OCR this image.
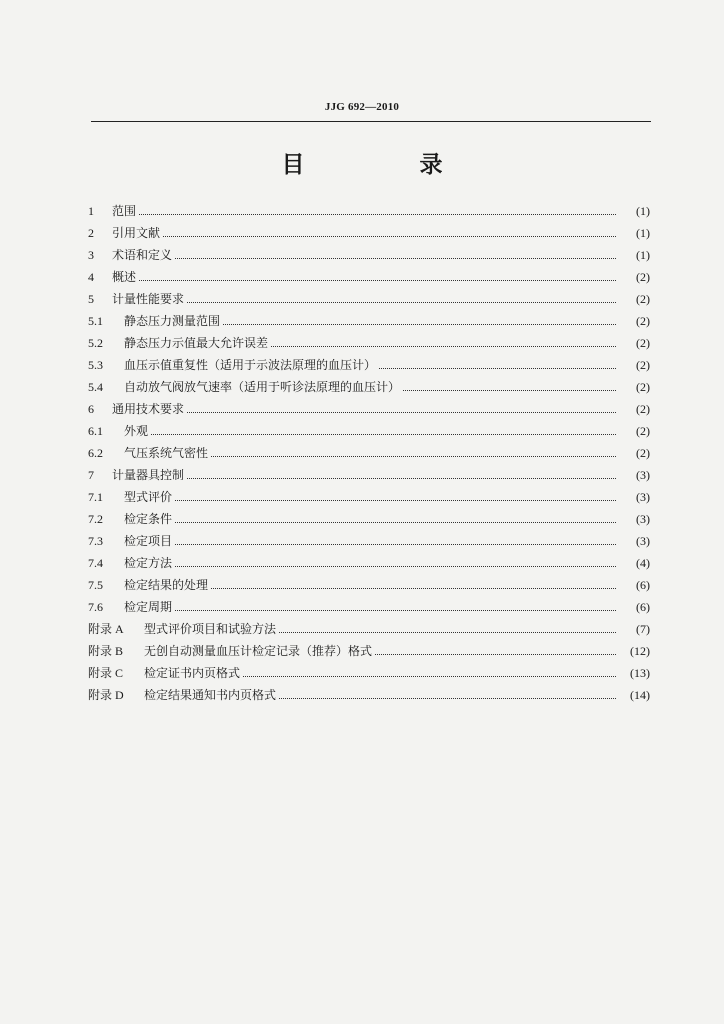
JJG 692—2010
目　录
1	范围	(1)
2	引用文献	(1)
3	术语和定义	(1)
4	概述	(2)
5	计量性能要求	(2)
5.1	静态压力测量范围	(2)
5.2	静态压力示值最大允许误差	(2)
5.3	血压示值重复性（适用于示波法原理的血压计）	(2)
5.4	自动放气阀放气速率（适用于听诊法原理的血压计）	(2)
6	通用技术要求	(2)
6.1	外观	(2)
6.2	气压系统气密性	(2)
7	计量器具控制	(3)
7.1	型式评价	(3)
7.2	检定条件	(3)
7.3	检定项目	(3)
7.4	检定方法	(4)
7.5	检定结果的处理	(6)
7.6	检定周期	(6)
附录 A	型式评价项目和试验方法	(7)
附录 B	无创自动测量血压计检定记录（推荐）格式	(12)
附录 C	检定证书内页格式	(13)
附录 D	检定结果通知书内页格式	(14)
